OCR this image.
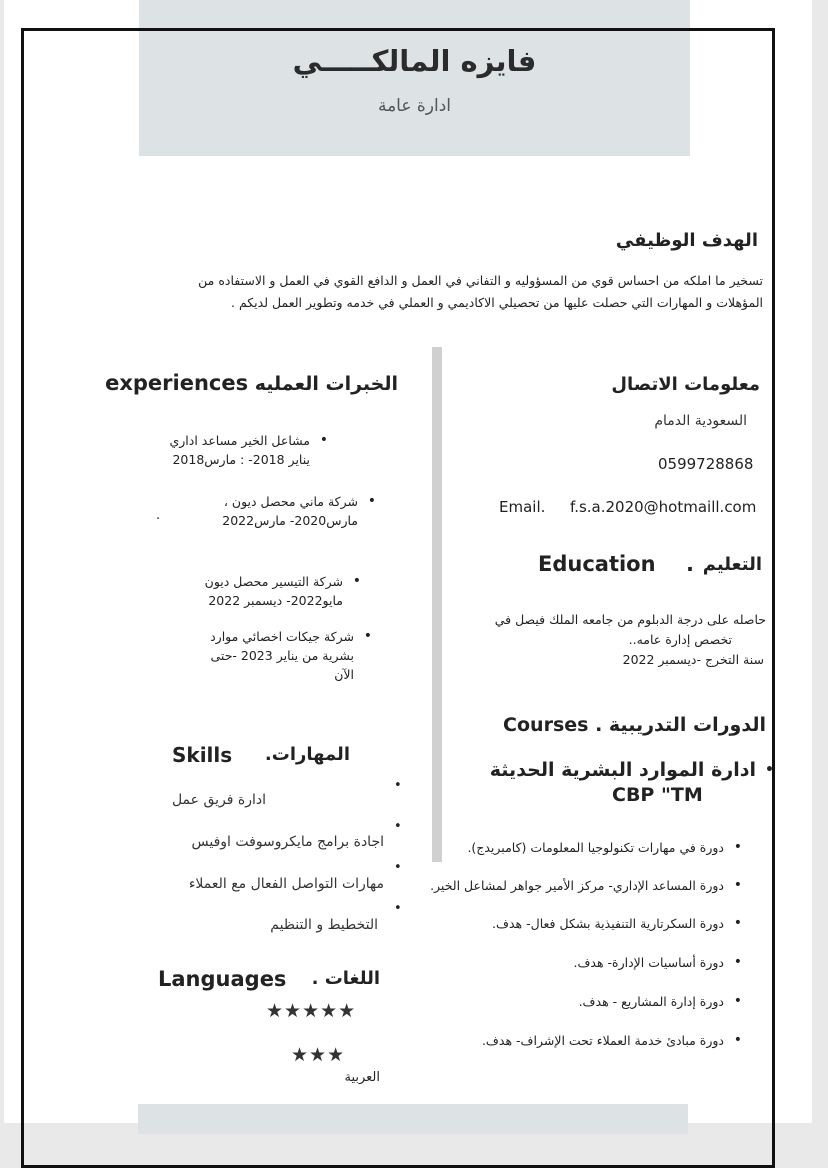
فايزه المالكـــــي
ادارة عامة
الهدف الوظيفي
تسخير ما املكه من احساس قوي من المسؤوليه و التفاني في العمل و الدافع القوي في العمل و الاستفاده من المؤهلات و المهارات التي حصلت عليها من تحصيلي الاكاديمي و العملي في خدمه وتطوير العمل لديكم .
معلومات الاتصال
السعودية الدمام
0599728868
Email. f.s.a.2020@hotmaill.com
Education . التعليم
حاصله على درجة الدبلوم من جامعه الملك فيصل في
تخصص إدارة عامه..
سنة التخرج -ديسمبر 2022
الدورات التدريبية . Courses
• ادارة الموارد البشرية الحديثة
CBP "TM
• دورة في مهارات تكنولوجيا المعلومات (كامبريدج).
• دورة المساعد الإداري- مركز الأمير جواهر لمشاعل الخير.
• دورة السكرتارية التنفيذية بشكل فعال- هدف.
• دورة أساسيات الإدارة- هدف.
• دورة إدارة المشاريع - هدف.
• دورة مبادئ خدمة العملاء تحت الإشراف- هدف.
الخبرات العمليه experiences
• مشاعل الخير مساعد اداري
يناير 2018- : مارس2018
• شركة ماني محصل ديون ،
مارس2020- مارس2022
.
• شركة التيسير محصل ديون
مايو2022- ديسمبر 2022
• شركة جيكات اخصائي موارد
بشرية من يناير 2023 -حتى
الآن
Skills المهارات.
•
•
•
•
ادارة فريق عمل
اجادة برامج مايكروسوفت اوفيس
مهارات التواصل الفعال مع العملاء
التخطيط و التنظيم
Languages اللغات .
★★★★★
★★★
العربية
